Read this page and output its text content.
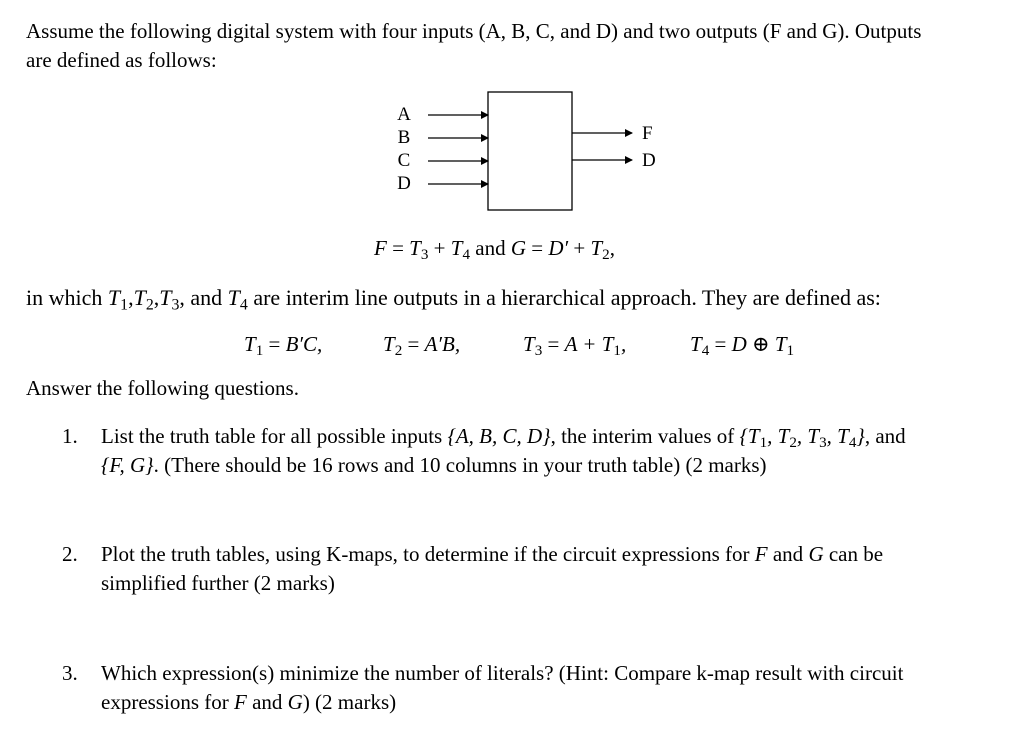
Assume the following digital system with four inputs (A, B, C, and D) and two outputs (F and G). Outputs
are defined as follows:
A
B
C
D
F
D
$F = T_3 + T_4$ and $G = D' + T_2$,
in which $T_1,T_2,T_3$, and $T_4$ are interim line outputs in a hierarchical approach. They are defined as:
$T_1 = B'C$,	$T_2 = A'B$,	$T_3 = A + T_1$,	$T_4 = D$ ⊕ $T_1$
Answer the following questions.
1. List the truth table for all possible inputs {A, B, C, D}, the interim values of {$T_1$, $T_2$, $T_3$, $T_4$}, and
{F, G}. (There should be 16 rows and 10 columns in your truth table) (2 marks)
2. Plot the truth tables, using K-maps, to determine if the circuit expressions for F and G can be
simplified further (2 marks)
3. Which expression(s) minimize the number of literals? (Hint: Compare k-map result with circuit
expressions for F and G) (2 marks)
